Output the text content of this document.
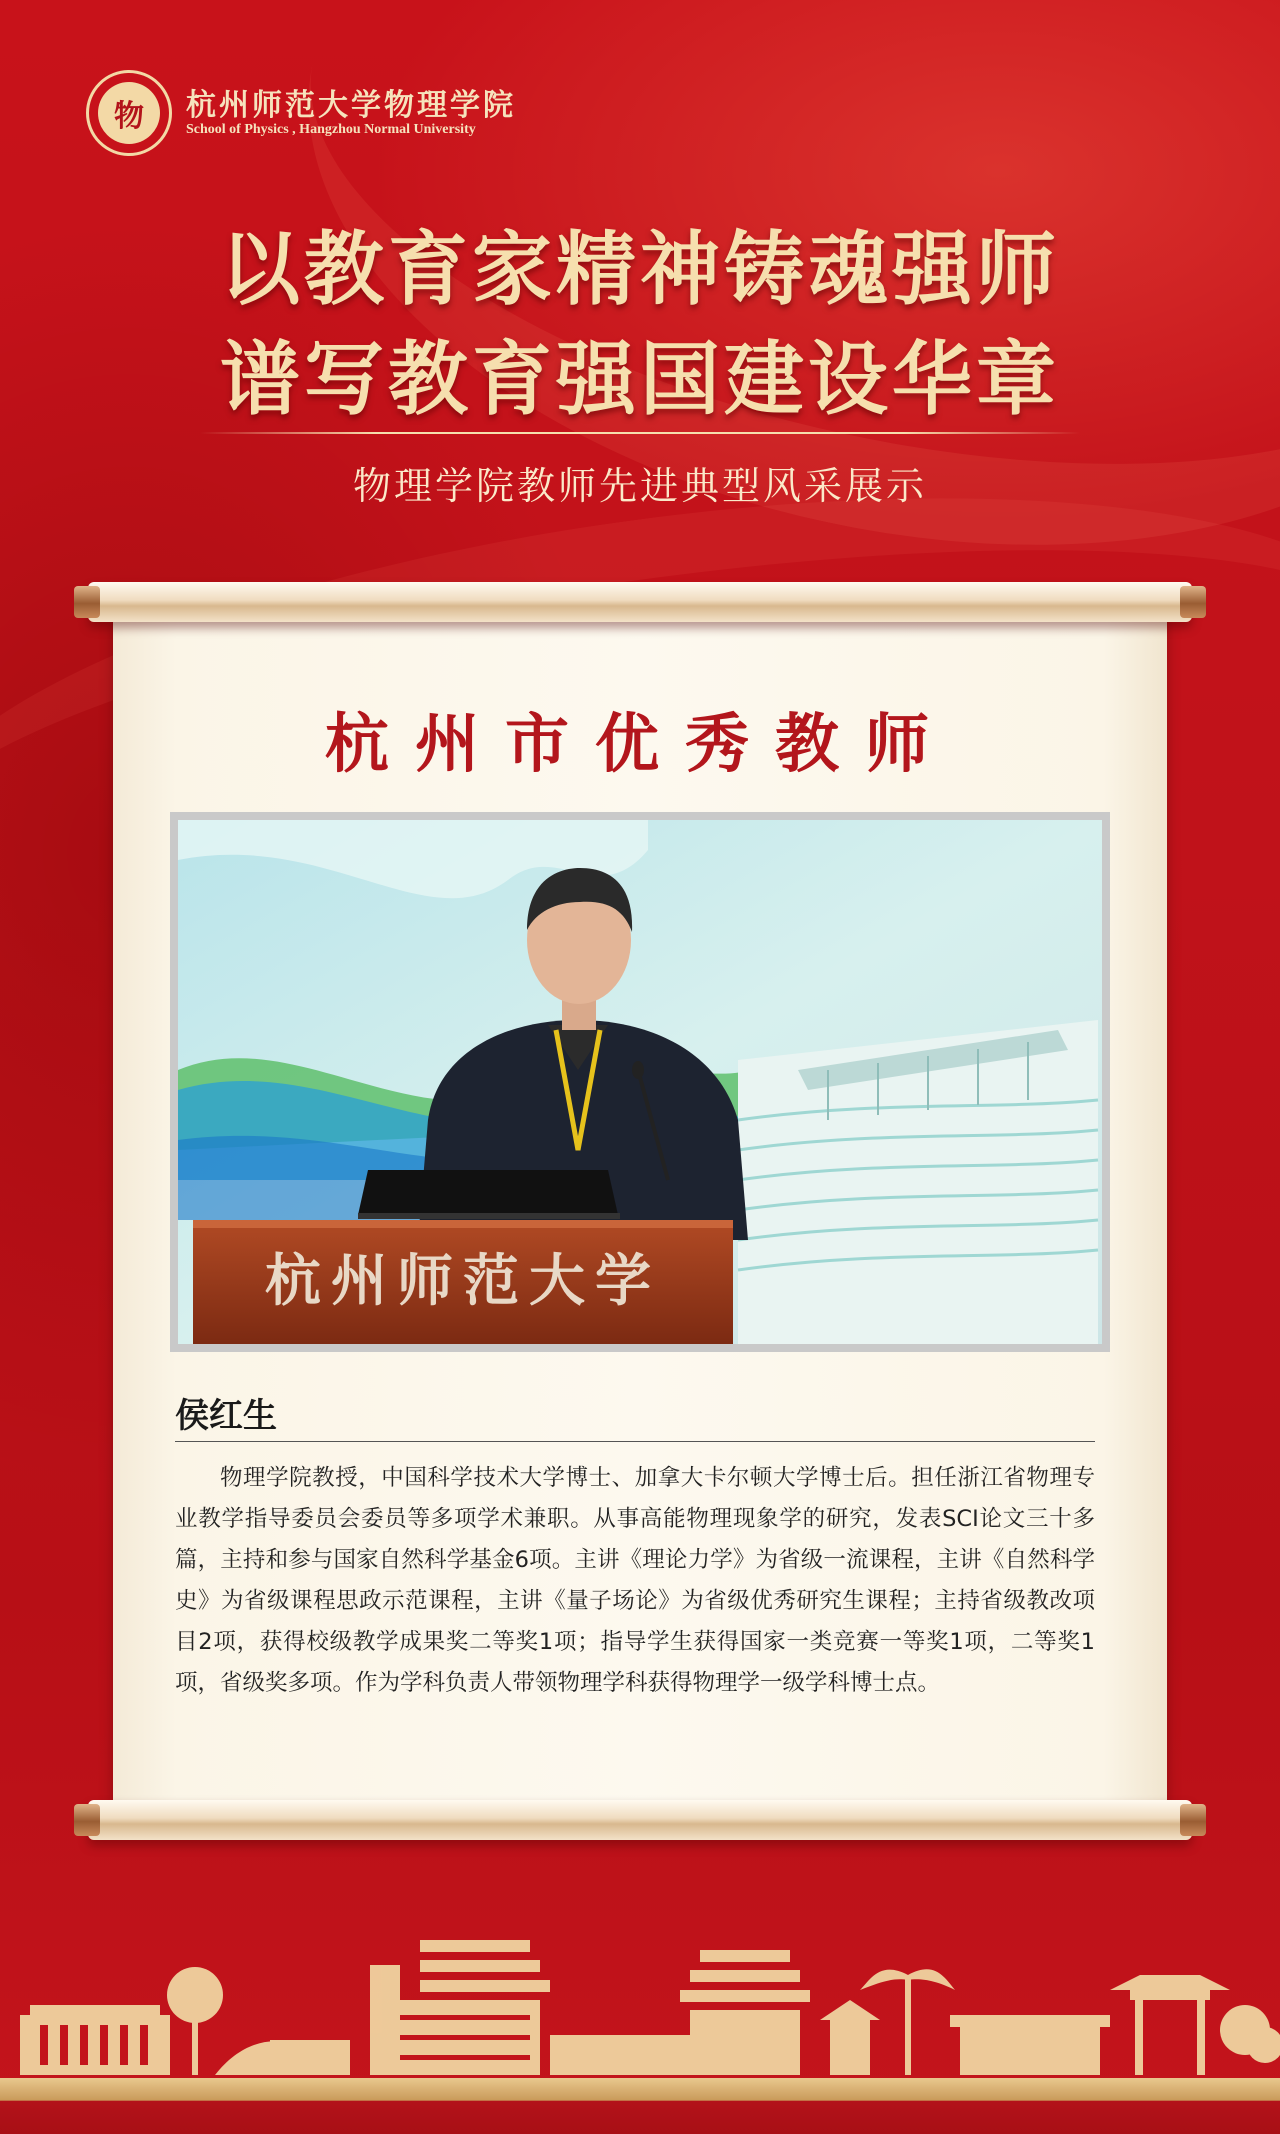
物	杭州师范大学物理学院
School of Physics , Hangzhou Normal University
以教育家精神铸魂强师
谱写教育强国建设华章
物理学院教师先进典型风采展示
杭州市优秀教师
杭州师范大学
侯红生

物理学院教授，中国科学技术大学博士、加拿大卡尔顿大学博士后。担任浙江省物理专业教学指导委员会委员等多项学术兼职。从事高能物理现象学的研究，发表SCI论文三十多篇，主持和参与国家自然科学基金6项。主讲《理论力学》为省级一流课程，主讲《自然科学史》为省级课程思政示范课程，主讲《量子场论》为省级优秀研究生课程；主持省级教改项目2项，获得校级教学成果奖二等奖1项；指导学生获得国家一类竞赛一等奖1项，二等奖1项，省级奖多项。作为学科负责人带领物理学科获得物理学一级学科博士点。
